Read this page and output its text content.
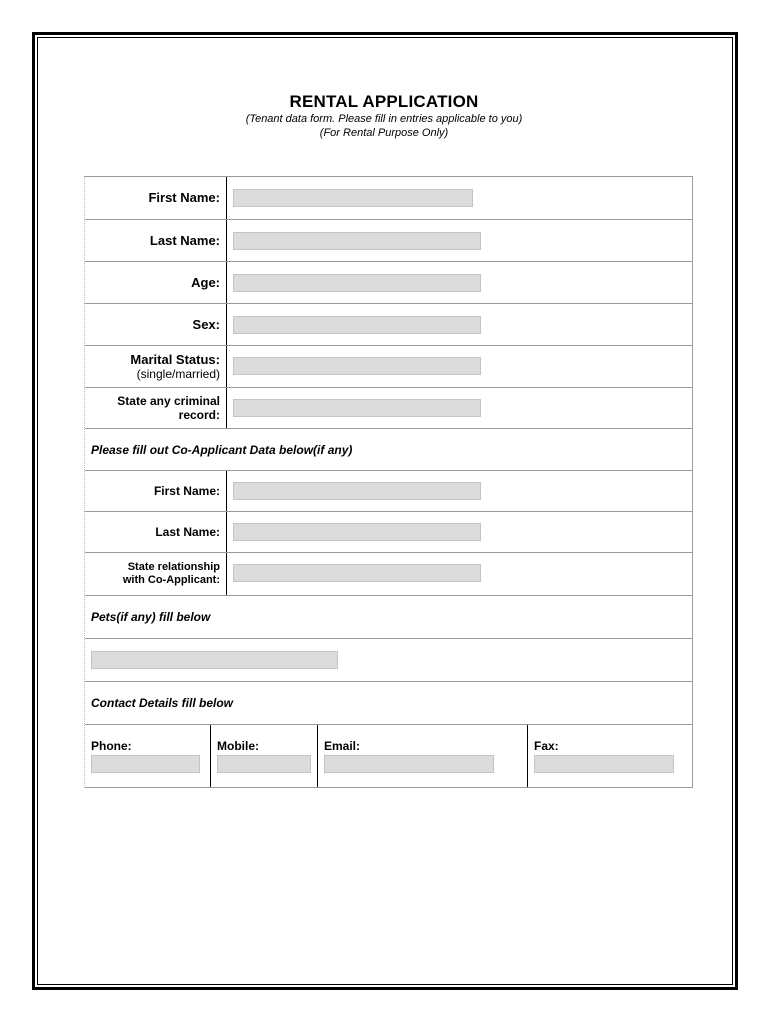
RENTAL APPLICATION
(Tenant data form. Please fill in entries applicable to you)
(For Rental Purpose Only)
First Name:
Last Name:
Age:
Sex:
Marital Status:
(single/married)
State any criminal
record:
Please fill out Co-Applicant Data below(if any)
First Name:
Last Name:
State relationship
with Co-Applicant:
Pets(if any) fill below
Contact Details fill below
Phone:	Mobile:	Email:	Fax:
